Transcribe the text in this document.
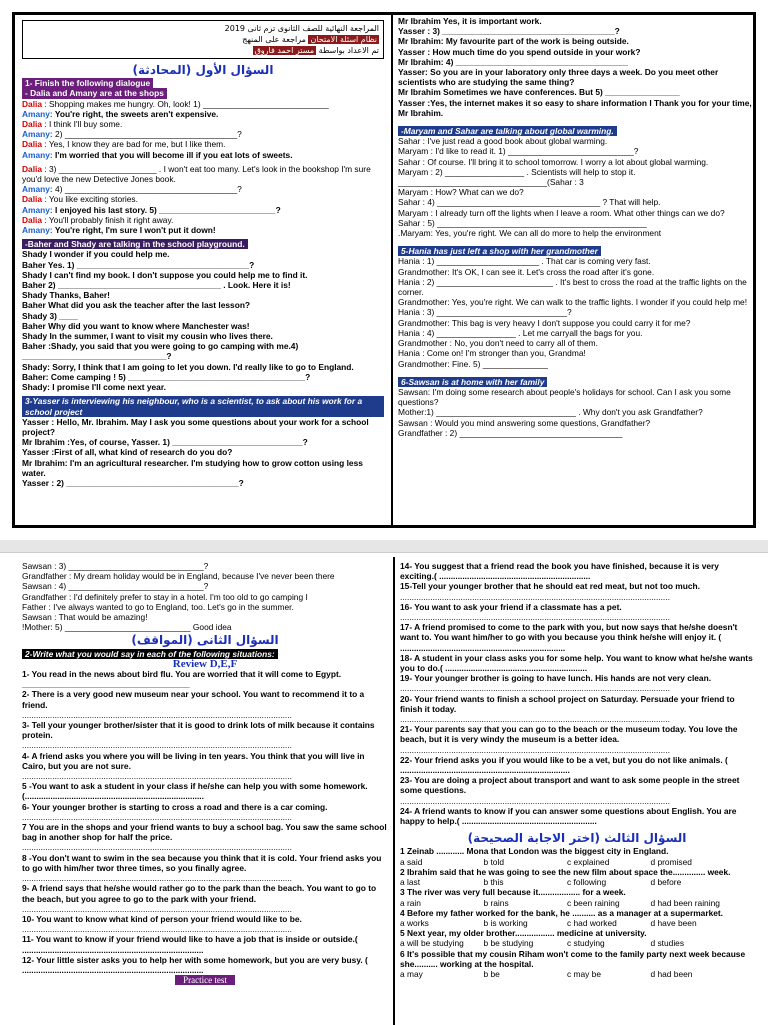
المراجعة النهائية للصف الثانوى ترم ثانى 2019
نظام اسئلة الامتحان مراجعة على المنهج
تم الاعداد بواسطة مستر احمد فاروق
السؤال الأول (المحادثة)
1- Finish the following dialogue
- Dalia and Amany are at the shops
Dalia : Shopping makes me hungry. Oh, look! 1) ___________________________
Amany: You're right, the sweets aren't expensive.
Dalia : I think I'll buy some.
Amany: 2) _____________________________________?
Dalia : Yes, I know they are bad for me, but I like them.
Amany: I'm worried that you will become ill if you eat lots of sweets.
Dalia : 3) _____________________ . I won't eat too many. Let's look in the bookshop I'm sure you'd love the new Detective Jones book.
Amany: 4) _____________________________________?
Dalia : You like exciting stories.
Amany: I enjoyed his last story. 5) _________________________?
Dalia : You'll probably finish it right away.
Amany: You're right, I'm sure I won't put it down!
-Baher and Shady are talking in the school playground.
Shady I wonder if you could help me.
Baher Yes. 1) _____________________________________?
Shady I can't find my book. I don't suppose you could help me to find it.
Baher 2) ___________________________________ . Look. Here it is!
Shady Thanks, Baher!
Baher What did you ask the teacher after the last lesson?
Shady 3) ____
Baher Why did you want to know where Manchester was!
Shady In the summer, I want to visit my cousin who lives there.
Baher :Shady, you said that you were going to go camping with me.4) _______________________________?
Shady: Sorry, I think that I am going to let you down. I'd really like to go to England.
Baher: Come camping ! 5) ______________________________________?
Shady: I promise I'll come next year.
3-Yasser is interviewing his neighbour, who is a scientist, to ask about his work for a school project
Yasser : Hello, Mr. Ibrahim. May I ask you some questions about your work for a school project?
Mr Ibrahim :Yes, of course, Yasser. 1) ____________________________?
Yasser :First of all, what kind of research do you do?
Mr Ibrahim: I'm an agricultural researcher. I'm studying how to grow cotton using less water.
Yasser : 2) _____________________________________?
Mr Ibrahim Yes, it is important work.
Yasser : 3) _____________________________________?
Mr Ibrahim: My favourite part of the work is being outside.
Yasser : How much time do you spend outside in your work?
Mr Ibrahim: 4) _____________________________________
Yasser: So you are in your laboratory only three days a week. Do you meet other scientists who are studying the same thing?
Mr Ibrahim Sometimes we have conferences. But 5) ________________
Yasser :Yes, the internet makes it so easy to share information I Thank you for your time, Mr Ibrahim.
-Maryam and Sahar are talking about global warming.
Sahar : I've just read a good book about global warming.
Maryam : I'd like to read it. 1) ___________________________?
Sahar : Of course. I'll bring it to school tomorrow. I worry a lot about global warming.
Maryam : 2) _________________ . Scientists will help to stop it.
________________________________(Sahar : 3
Maryam : How? What can we do?
Sahar : 4) ___________________________________ ? That will help.
Maryam : I already turn off the lights when I leave a room. What other things can we do?
Sahar : 5) _____________________________________________
.Maryam: Yes, you're right. We can all do more to help the environment
5-Hania has just left a shop with her grandmother
Hania : 1) ______________________ . That car is coming very fast.
Grandmother: It's OK, I can see it. Let's cross the road after it's gone.
Hania : 2) _________________________ . It's best to cross the road at the traffic lights on the corner.
Grandmother: Yes, you're right. We can walk to the traffic lights. I wonder if you could help me!
Hania : 3) ____________________________?
Grandmother: This bag is very heavy I don't suppose you could carry it for me?
Hania : 4) _________________ . Let me carryall the bags for you.
Grandmother : No, you don't need to carry all of them.
Hania : Come on! I'm stronger than you, Grandma!
Grandmother: Fine. 5) ______________
6-Sawsan is at home with her family
Sawsan: I'm doing some research about people's holidays for school. Can I ask you some questions?
Mother:1) ______________________________ . Why don't you ask Grandfather?
Sawsan : Would you mind answering some questions, Grandfather?
Grandfather : 2) ___________________________________
Sawsan : 3) _____________________________?
Grandfather : My dream holiday would be in England, because I've never been there
Sawsan : 4) _____________________________?
Grandfather : I'd definitely prefer to stay in a hotel. I'm too old to go camping I
Father : I've always wanted to go to England, too. Let's go in the summer.
Sawsan : That would be amazing!
!Mother: 5) ___________________________ Good idea
السؤال الثانى (المواقف)
2-Write what you would say in each of the following situations:
Review D,E,F
1- You read in the news about bird flu. You are worried that it will come to Egypt. ____________________________________
2- There is a very good new museum near your school. You want to recommend it to a friend.
....................................................................................................................
3- Tell your younger brother/sister that it is good to drink lots of milk because it contains protein.
....................................................................................................................
4- A friend asks you where you will be living in ten years. You think that you will live in Cairo, but you are not sure.
....................................................................................................................
5 -You want to ask a student in your class if he/she can help you with some homework. (.............................................................................
6- Your younger brother is starting to cross a road and there is a car coming.
....................................................................................................................
7 You are in the shops and your friend wants to buy a school bag. You saw the same school bag in another shop for half the price.
....................................................................................................................
8 -You don't want to swim in the sea because you think that it is cold. Your friend asks you to go with him/her twor three times, so you finally agree.
....................................................................................................................
9- A friend says that he/she would rather go to the park than the beach. You want to go to the beach, but you agree to go to the park with your friend.
....................................................................................................................
10- You want to know what kind of person your friend would like to be.
....................................................................................................................
11- You want to know if your friend would like to have a job that is inside or outside.( ..............................................................................
12- Your little sister asks you to help her with some homework, but you are very busy. ( ..............................................................................
Practice test
14- You suggest that a friend read the book you have finished, because it is very exciting.( .................................................................
15-Tell your younger brother that he should eat red meat, but not too much.
....................................................................................................................
16- You want to ask your friend if a classmate has a pet.
....................................................................................................................
17- A friend promised to come to the park with you, but now says that he/she doesn't want to. You want him/her to go with you because you think he/she will enjoy it. ( .......................................................................
18- A student in your class asks you for some help. You want to know what he/she wants you to do.( .............................................................
19- Your younger brother is going to have lunch. His hands are not very clean.
....................................................................................................................
20- Your friend wants to finish a school project on Saturday. Persuade your friend to finish it today.
....................................................................................................................
21- Your parents say that you can go to the beach or the museum today. You love the beach, but it is very windy the museum is a better idea.
....................................................................................................................
22- Your friend asks you if you would like to be a vet, but you do not like animals. ( .........................................................................
23- You are doing a project about transport and want to ask some people in the street some questions.
....................................................................................................................
24- A friend wants to know if you can answer some questions about English. You are happy to help.( ..........................................................
السؤال الثالث (اختر الاجابة الصحيحة)
1 Zeinab ............ Mona that London was the biggest city in England.
a said	b told	c explained	d promised
2 Ibrahim said that he was going to see the new film about space the.............. week.
a last	b this	c following	d before
3 The river was very full because it.................. for a week.
a rain	b rains	c been raining	d had been raining
4 Before my father worked for the bank, he .......... as a manager at a supermarket.
a works	b is working	c had worked	d have been
5 Next year, my older brother................. medicine at university.
a will be studying	b be studying	c studying	d studies
6 It's possible that my cousin Riham won't come to the family party next week because she.......... working at the hospital.
a may	b be	c may be	d had been
